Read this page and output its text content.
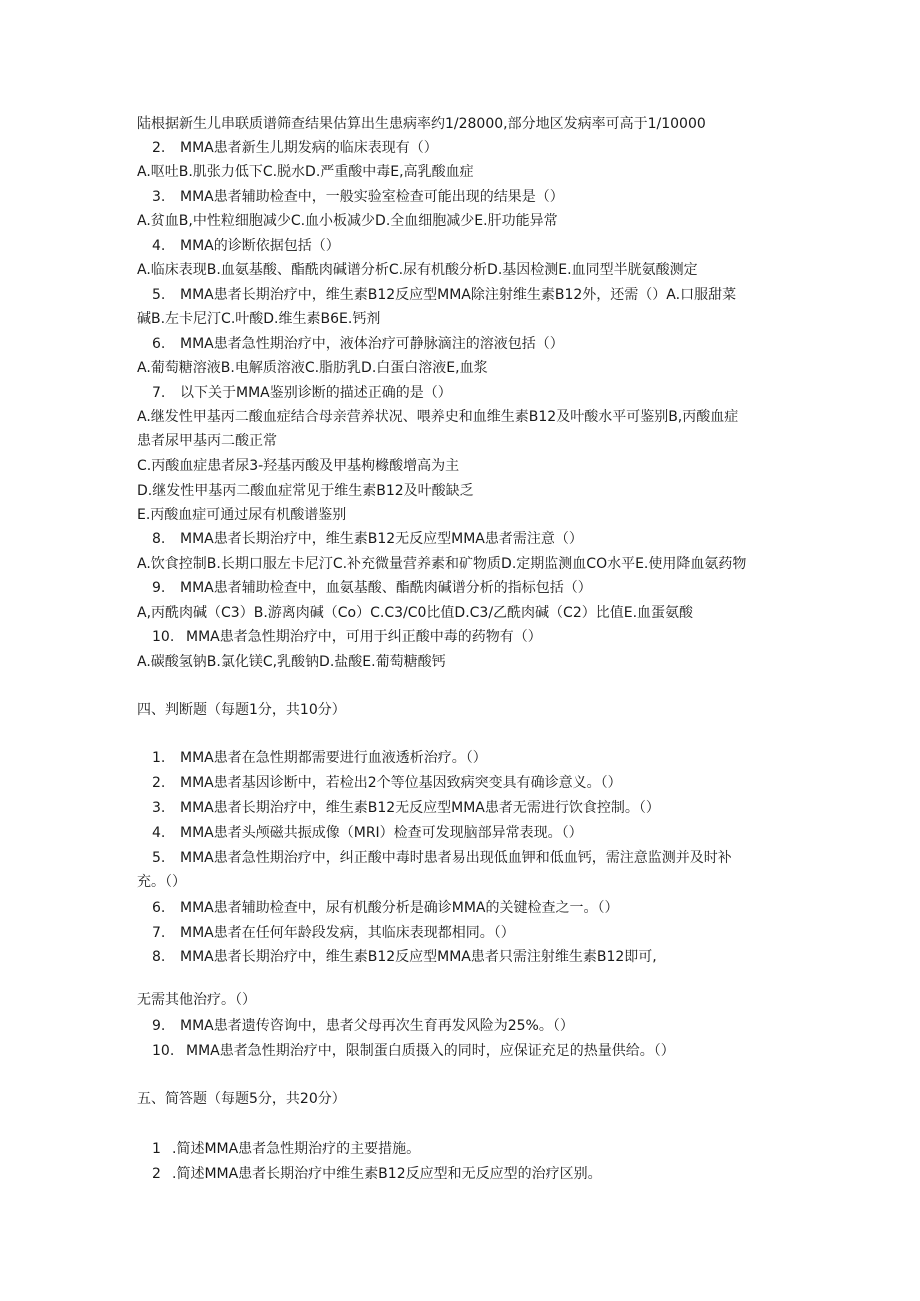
陆根据新生儿串联质谱筛查结果估算出生患病率约1/28000,部分地区发病率可高于1/10000
2. MMA患者新生儿期发病的临床表现有（）
A.呕吐B.肌张力低下C.脱水D.严重酸中毒E,高乳酸血症
3. MMA患者辅助检查中，一般实验室检查可能出现的结果是（）
A.贫血B,中性粒细胞减少C.血小板减少D.全血细胞减少E.肝功能异常
4. MMA的诊断依据包括（）
A.临床表现B.血氨基酸、酯酰肉碱谱分析C.尿有机酸分析D.基因检测E.血同型半胱氨酸测定
5. MMA患者长期治疗中，维生素B12反应型MMA除注射维生素B12外，还需（）A.口服甜菜
碱B.左卡尼汀C.叶酸D.维生素B6E.钙剂
6. MMA患者急性期治疗中，液体治疗可静脉滴注的溶液包括（）
A.葡萄糖溶液B.电解质溶液C.脂肪乳D.白蛋白溶液E,血浆
7. 以下关于MMA鉴别诊断的描述正确的是（）
A.继发性甲基丙二酸血症结合母亲营养状况、喂养史和血维生素B12及叶酸水平可鉴别B,丙酸血症
患者尿甲基丙二酸正常
C.丙酸血症患者尿3-羟基丙酸及甲基枸橼酸增高为主
D.继发性甲基丙二酸血症常见于维生素B12及叶酸缺乏
E.丙酸血症可通过尿有机酸谱鉴别
8. MMA患者长期治疗中，维生素B12无反应型MMA患者需注意（）
A.饮食控制B.长期口服左卡尼汀C.补充微量营养素和矿物质D.定期监测血CO水平E.使用降血氨药物
9. MMA患者辅助检查中，血氨基酸、酯酰肉碱谱分析的指标包括（）
A,丙酰肉碱（C3）B.游离肉碱（Co）C.C3/C0比值D.C3/乙酰肉碱（C2）比值E.血蛋氨酸
10. MMA患者急性期治疗中，可用于纠正酸中毒的药物有（）
A.碳酸氢钠B.氯化镁C,乳酸钠D.盐酸E.葡萄糖酸钙
四、判断题（每题1分，共10分）
1. MMA患者在急性期都需要进行血液透析治疗。（）
2. MMA患者基因诊断中，若检出2个等位基因致病突变具有确诊意义。（）
3. MMA患者长期治疗中，维生素B12无反应型MMA患者无需进行饮食控制。（）
4. MMA患者头颅磁共振成像（MRI）检查可发现脑部异常表现。（）
5. MMA患者急性期治疗中，纠正酸中毒时患者易出现低血钾和低血钙，需注意监测并及时补
充。（）
6. MMA患者辅助检查中，尿有机酸分析是确诊MMA的关键检查之一。（）
7. MMA患者在任何年龄段发病，其临床表现都相同。（）
8. MMA患者长期治疗中，维生素B12反应型MMA患者只需注射维生素B12即可,
无需其他治疗。（）
9. MMA患者遗传咨询中，患者父母再次生育再发风险为25%。（）
10. MMA患者急性期治疗中，限制蛋白质摄入的同时，应保证充足的热量供给。（）
五、简答题（每题5分，共20分）
1 .简述MMA患者急性期治疗的主要措施。
2 .简述MMA患者长期治疗中维生素B12反应型和无反应型的治疗区别。
